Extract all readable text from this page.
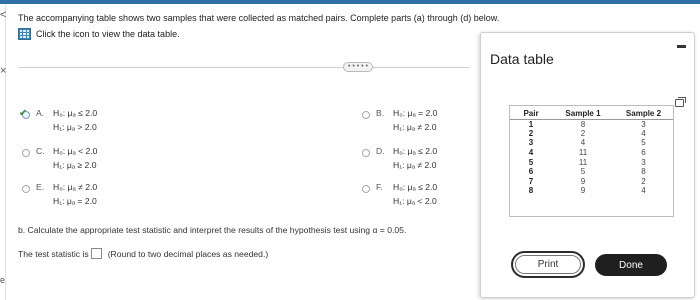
<
×
e
The accompanying table shows two samples that were collected as matched pairs. Complete parts (a) through (d) below.
Click the icon to view the data table.
• • • • •
✔ A.	H₀: μₐ ≤ 2.0
H₁: μₐ > 2.0
B.	H₀: μₐ = 2.0
H₁: μₐ ≠ 2.0
C. H₀: μₐ < 2.0
H₁: μₐ ≥ 2.0
D. H₀: μₐ ≤ 2.0
H₁: μₐ ≠ 2.0
E.	H₀: μₐ ≠ 2.0
H₁: μₐ = 2.0
F.	H₀: μₐ ≤ 2.0
H₁: μₐ < 2.0
b. Calculate the appropriate test statistic and interpret the results of the hypothesis test using α = 0.05.
The test statistic is (Round to two decimal places as needed.)
… …… …
Data table
Pair	Sample 1	Sample 2
1	8	3
2	2	4
3	4	5
4	11	6
5	11	3
6	5	8
7	9	2
8	9	4
Print	Done
